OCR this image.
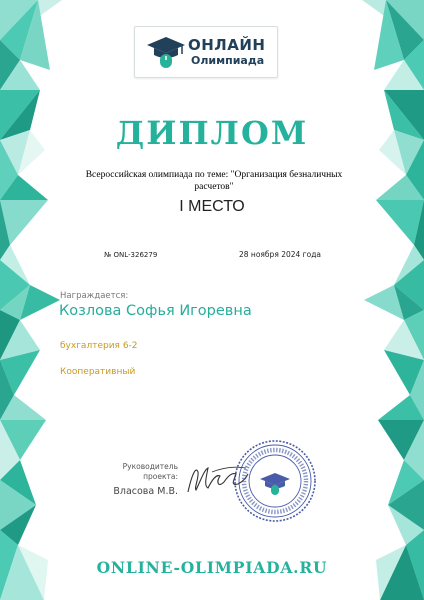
ОНЛАЙН
Олимпиада
ДИПЛОМ
Всероссийская олимпиада по теме: "Организация безналичных расчетов"
I МЕСТО
№ ONL-326279	28 ноября 2024 года
Награждается:
Козлова Софья Игоревна
бухгалтерия 6-2
Кооперативный
Руководитель проекта:
Власова М.В.
ONLINE-OLIMPIADA.RU
